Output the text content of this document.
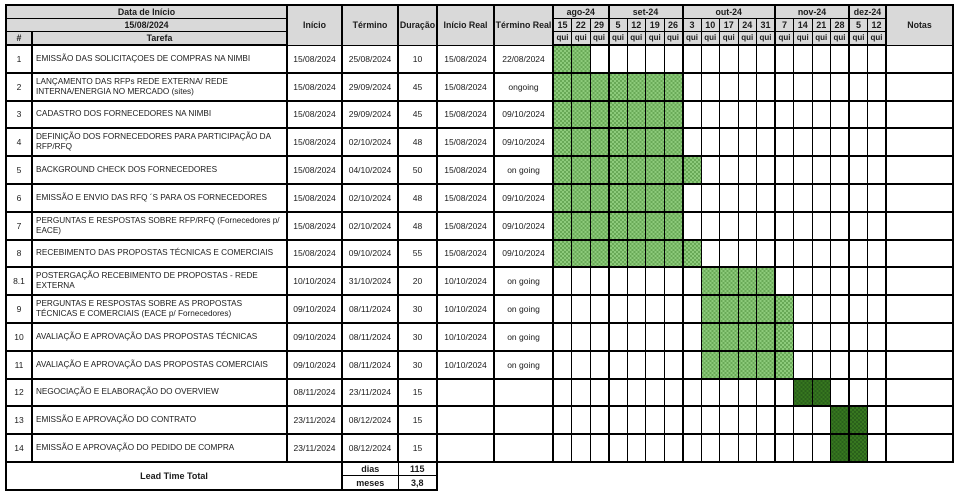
Data de Início		Início	Término	Duração	Início Real	Término Real	ago-24			set-24				out-24					nov-24				dez-24		Notas
15/08/2024							15	22	29	5	12	19	26	3	10	17	24	31	7	14	21	28	5	12	
#	Tarefa						qui	qui	qui	qui	qui	qui	qui	qui	qui	qui	qui	qui	qui	qui	qui	qui	qui	qui	
1	EMISSÃO DAS SOLICITAÇOES DE COMPRAS NA NIMBI	15/08/2024	25/08/2024	10	15/08/2024	22/08/2024																			
2	LANÇAMENTO DAS RFPs REDE EXTERNA/ REDE INTERNA/ENERGIA NO MERCADO (sites)	15/08/2024	29/09/2024	45	15/08/2024	ongoing																			
3	CADASTRO DOS FORNECEDORES NA NIMBI	15/08/2024	29/09/2024	45	15/08/2024	09/10/2024																			
4	DEFINIÇÃO DOS FORNECEDORES PARA PARTICIPAÇÃO DA RFP/RFQ	15/08/2024	02/10/2024	48	15/08/2024	09/10/2024																			
5	BACKGROUND CHECK DOS FORNECEDORES	15/08/2024	04/10/2024	50	15/08/2024	on going																			
6	EMISSÃO E ENVIO DAS RFQ ´S PARA OS FORNECEDORES	15/08/2024	02/10/2024	48	15/08/2024	09/10/2024																			
7	PERGUNTAS E RESPOSTAS SOBRE RFP/RFQ (Fornecedores p/ EACE)	15/08/2024	02/10/2024	48	15/08/2024	09/10/2024																			
8	RECEBIMENTO DAS PROPOSTAS TÉCNICAS E COMERCIAIS	15/08/2024	09/10/2024	55	15/08/2024	09/10/2024																			
8.1	POSTERGAÇÃO RECEBIMENTO DE PROPOSTAS - REDE EXTERNA	10/10/2024	31/10/2024	20	10/10/2024	on going																			
9	PERGUNTAS E RESPOSTAS SOBRE AS PROPOSTAS TÉCNICAS E COMERCIAIS (EACE p/ Fornecedores)	09/10/2024	08/11/2024	30	10/10/2024	on going																			
10	AVALIAÇÃO E APROVAÇÃO DAS PROPOSTAS TÉCNICAS	09/10/2024	08/11/2024	30	10/10/2024	on going																			
11	AVALIAÇÃO E APROVAÇÃO DAS PROPOSTAS COMERCIAIS	09/10/2024	08/11/2024	30	10/10/2024	on going																			
12	NEGOCIAÇÃO E ELABORAÇÃO DO OVERVIEW	08/11/2024	23/11/2024	15																					
13	EMISSÃO E APROVAÇÃO DO CONTRATO	23/11/2024	08/12/2024	15																					
14	EMISSÃO E APROVAÇÃO DO PEDIDO DE COMPRA	23/11/2024	08/12/2024	15																					
Lead Time Total			dias	115																					
			meses	3,8																					
